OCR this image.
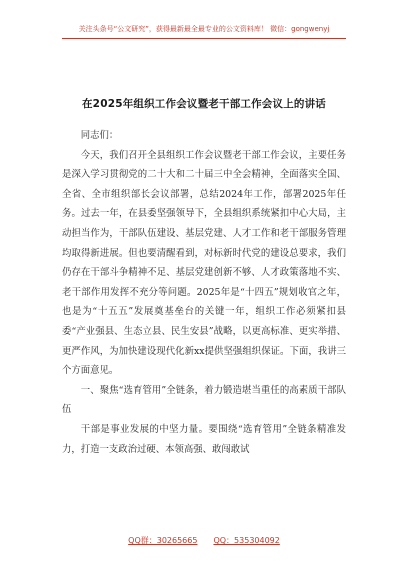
关注头条号“公文研究”，获得最新最全最专业的公文资料库！ 微信：gongwenyj
在2025年组织工作会议暨老干部工作会议上的讲话

同志们：

今天，我们召开全县组织工作会议暨老干部工作会议，主要任务是深入学习贯彻党的二十大和二十届三中全会精神，全面落实全国、全省、全市组织部长会议部署，总结2024年工作，部署2025年任务。过去一年，在县委坚强领导下，全县组织系统紧扣中心大局，主动担当作为，干部队伍建设、基层党建、人才工作和老干部服务管理均取得新进展。但也要清醒看到，对标新时代党的建设总要求，我们仍存在干部斗争精神不足、基层党建创新不够、人才政策落地不实、老干部作用发挥不充分等问题。2025年是“十四五”规划收官之年，也是为“十五五”发展奠基垒台的关键一年，组织工作必须紧扣县委“产业强县、生态立县、民生安县”战略，以更高标准、更实举措、更严作风，为加快建设现代化新xx提供坚强组织保证。下面，我讲三个方面意见。

一、聚焦“选育管用”全链条，着力锻造堪当重任的高素质干部队伍

干部是事业发展的中坚力量。要围绕“选育管用”全链条精准发力，打造一支政治过硬、本领高强、敢闯敢试

QQ群：30265665 QQ：535304092
